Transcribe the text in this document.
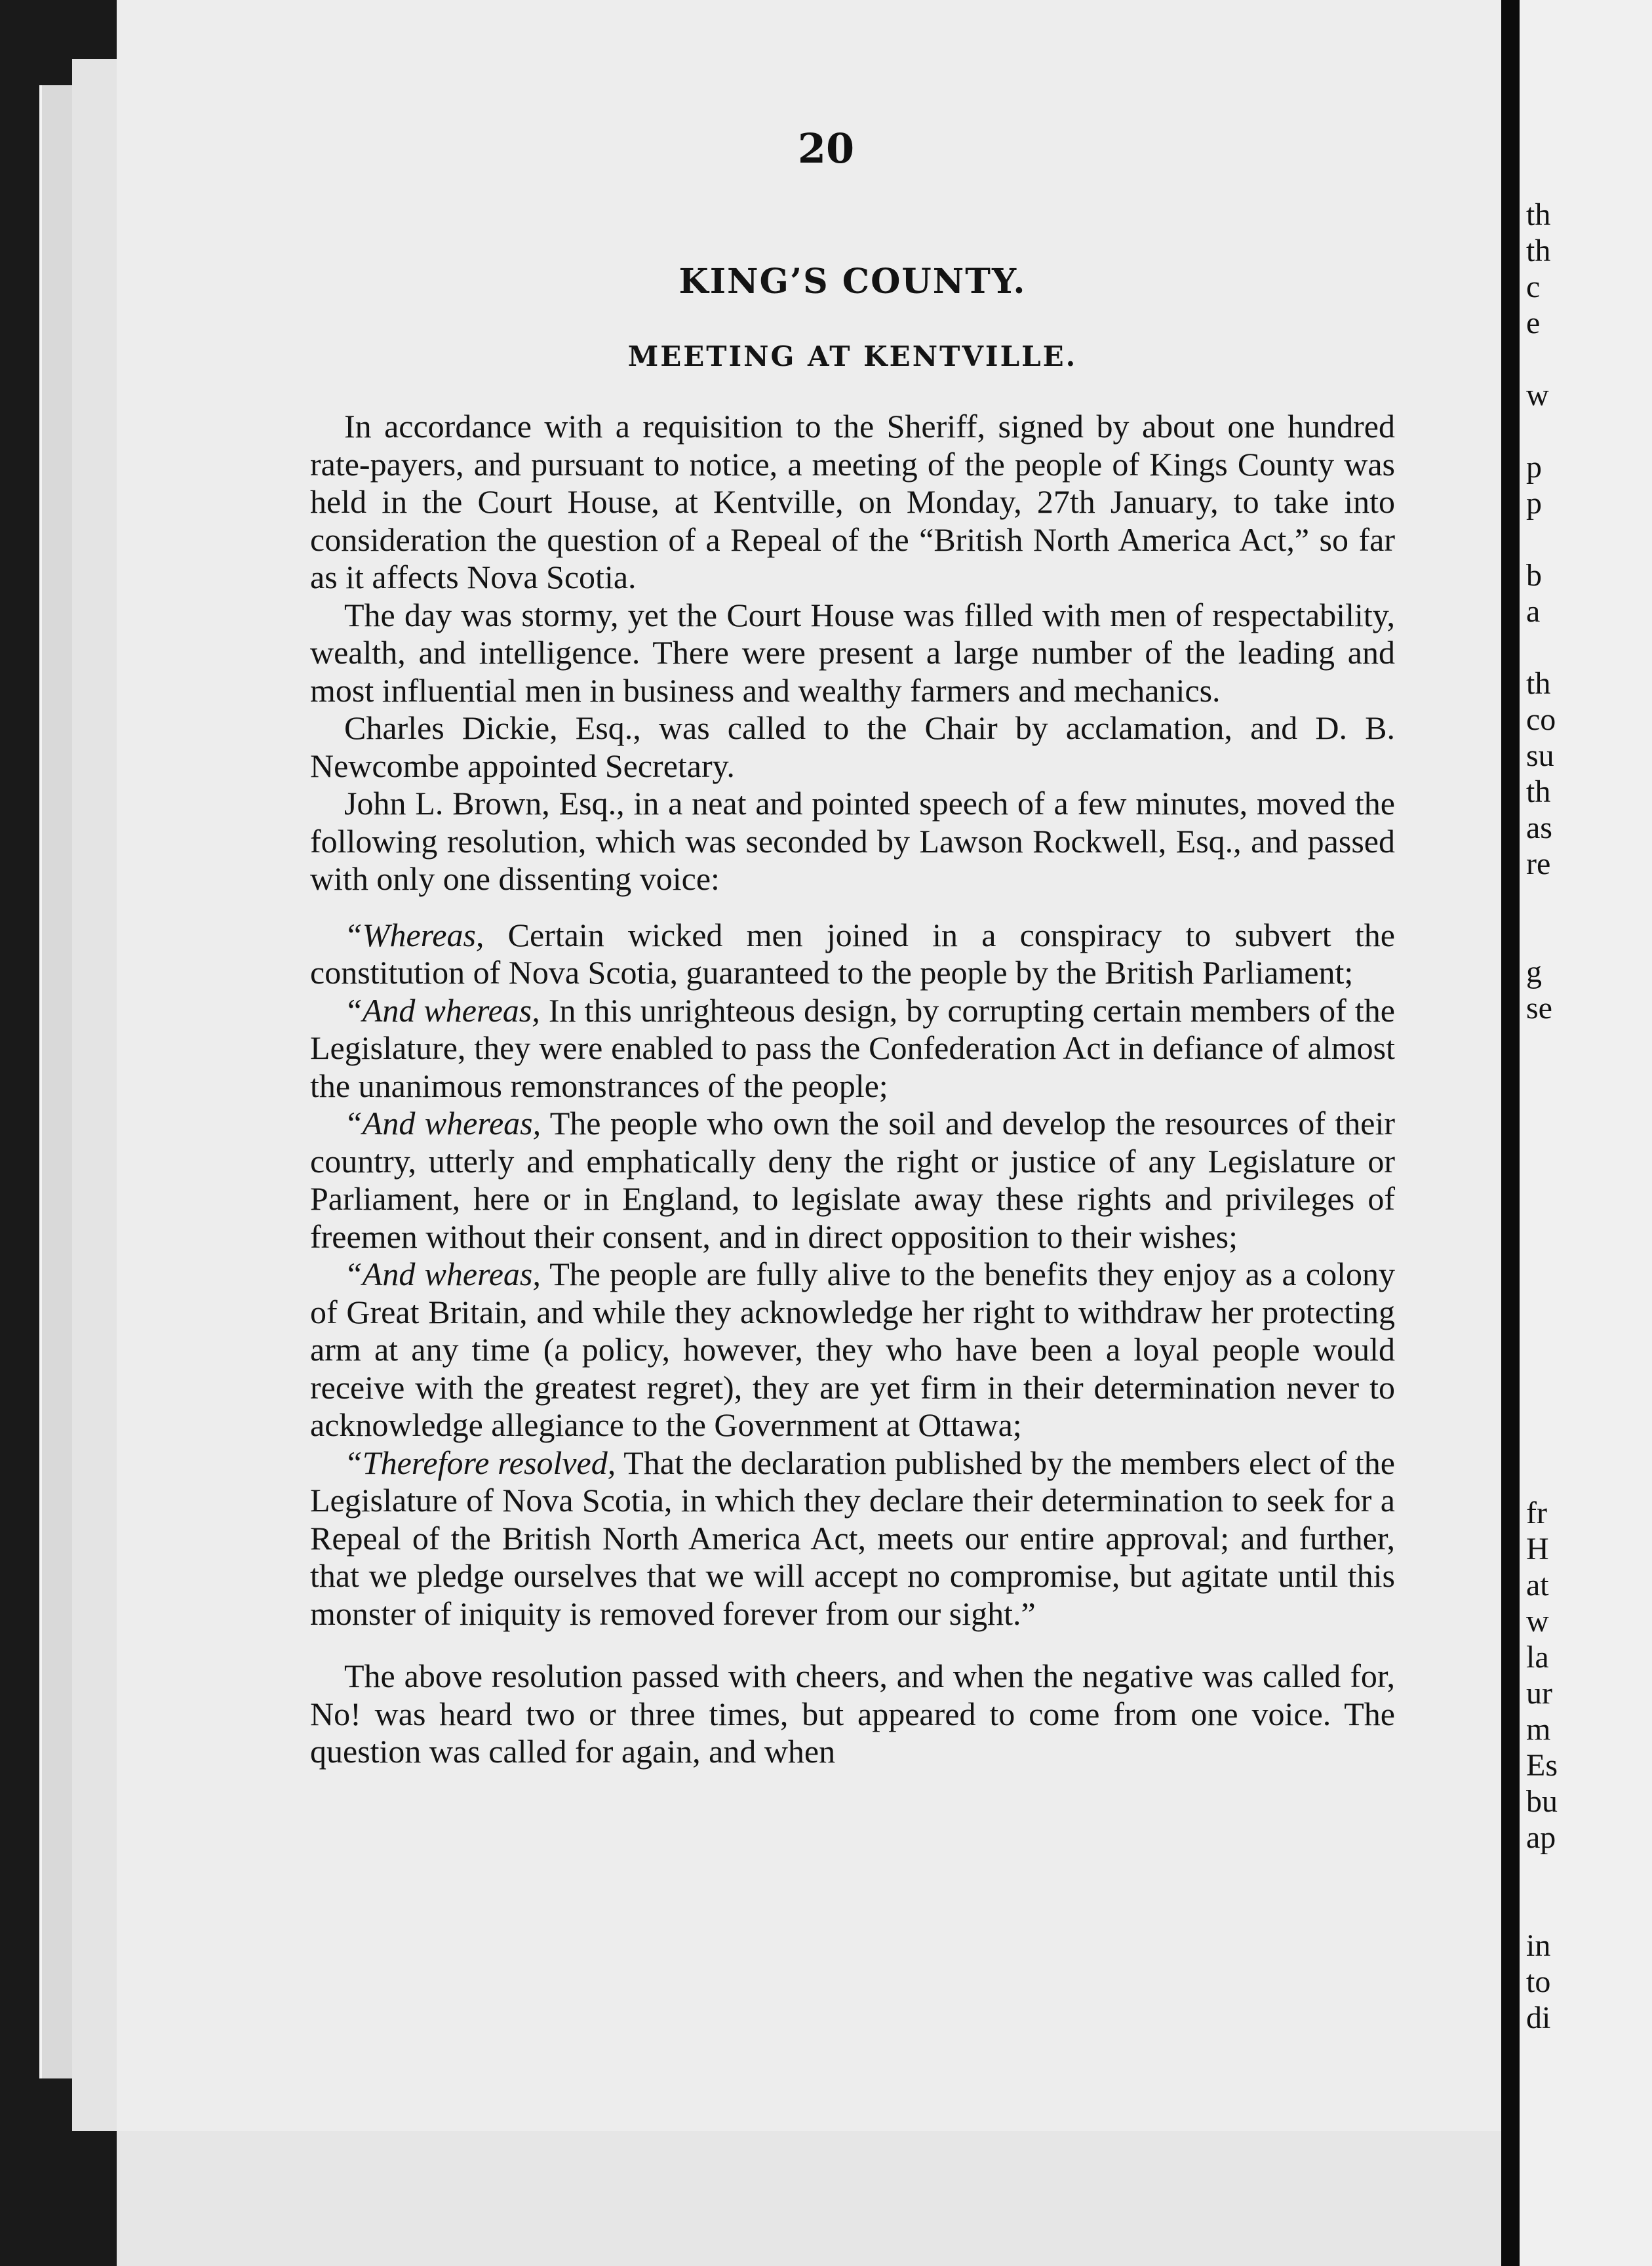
th
th
c
e

w

p
p

b
a

th
co
su
th
as
re

g
se

fr
H
at
w
la
ur
m
Es
bu
ap

in
to
di
20
KING’S COUNTY.
MEETING AT KENTVILLE.

In accordance with a requisition to the Sheriff, signed by about one hundred rate-payers, and pursuant to notice, a meeting of the people of Kings County was held in the Court House, at Kentville, on Monday, 27th January, to take into consideration the question of a Repeal of the “British North America Act,” so far as it affects Nova Scotia.

The day was stormy, yet the Court House was filled with men of respectability, wealth, and intelligence. There were present a large number of the leading and most influential men in business and wealthy farmers and mechanics.

Charles Dickie, Esq., was called to the Chair by acclamation, and D. B. Newcombe appointed Secretary.

John L. Brown, Esq., in a neat and pointed speech of a few minutes, moved the following resolution, which was seconded by Lawson Rockwell, Esq., and passed with only one dissenting voice:

“Whereas, Certain wicked men joined in a conspiracy to subvert the constitution of Nova Scotia, guaranteed to the people by the British Parliament;

“And whereas, In this unrighteous design, by corrupting certain members of the Legislature, they were enabled to pass the Confederation Act in defiance of almost the unanimous remonstrances of the people;

“And whereas, The people who own the soil and develop the resources of their country, utterly and emphatically deny the right or justice of any Legislature or Parliament, here or in England, to legislate away these rights and privileges of freemen without their consent, and in direct opposition to their wishes;

“And whereas, The people are fully alive to the benefits they enjoy as a colony of Great Britain, and while they acknowledge her right to withdraw her protecting arm at any time (a policy, however, they who have been a loyal people would receive with the greatest regret), they are yet firm in their determination never to acknowledge allegiance to the Government at Ottawa;

“Therefore resolved, That the declaration published by the members elect of the Legislature of Nova Scotia, in which they declare their determination to seek for a Repeal of the British North America Act, meets our entire approval; and further, that we pledge ourselves that we will accept no compromise, but agitate until this monster of iniquity is removed forever from our sight.”

The above resolution passed with cheers, and when the negative was called for, No! was heard two or three times, but appeared to come from one voice. The question was called for again, and when
